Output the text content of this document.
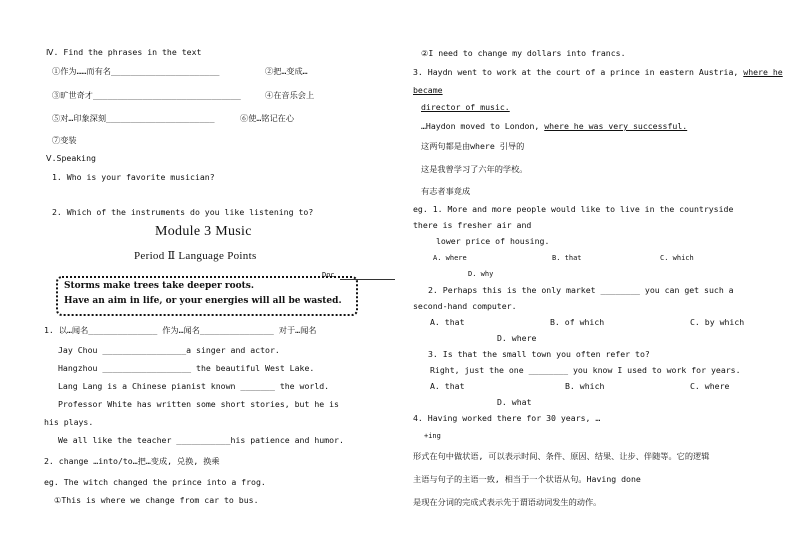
Ⅳ. Find the phrases in the text
①作为……而有名______________________	②把…变成…
③旷世奇才______________________________	④在音乐会上
⑤对…印象深刻______________________	⑥使…铭记在心
⑦变装
Ⅴ.Speaking
1. Who is your favorite musician?
2. Which of the instruments do you like listening to?
Module 3 Music
Period Ⅱ Language Points
Doc
Storms make trees take deeper roots.
Have an aim in life, or your energies will all be wasted.
1. 以…闻名______________ 作为…闻名_______________ 对于…闻名
Jay Chou _________________a singer and actor.
Hangzhou __________________ the beautiful West Lake.
Lang Lang is a Chinese pianist known _______ the world.
Professor White has written some short stories, but he is
his plays.
We all like the teacher ___________his patience and humor.
2. change …into/to…把…变成, 兑换, 换乘
eg. The witch changed the prince into a frog.
①This is where we change from car to bus.
②I need to change my dollars into francs.
3. Haydn went to work at the court of a prince in eastern Austria, where he
became
director of music.
…Haydon moved to London, where he was very successful.
这两句都是由where 引导的
这是我曾学习了六年的学校。
有志者事竟成
eg. 1. More and more people would like to live in the countryside
there is fresher air and
lower price of housing.
A. where	B. that	C. which
D. why
2. Perhaps this is the only market ________ you can get such a
second-hand computer.
A. that	B. of which	C. by which
D. where
3. Is that the small town you often refer to?
Right, just the one ________ you know I used to work for years.
A. that	B. which	C. where
D. what
4. Having worked there for 30 years, …
+ing
形式在句中做状语, 可以表示时间、条件、原因、结果、让步、伴随等。它的逻辑
主语与句子的主语一致, 相当于一个状语从句。Having done
是现在分词的完成式表示先于谓语动词发生的动作。
